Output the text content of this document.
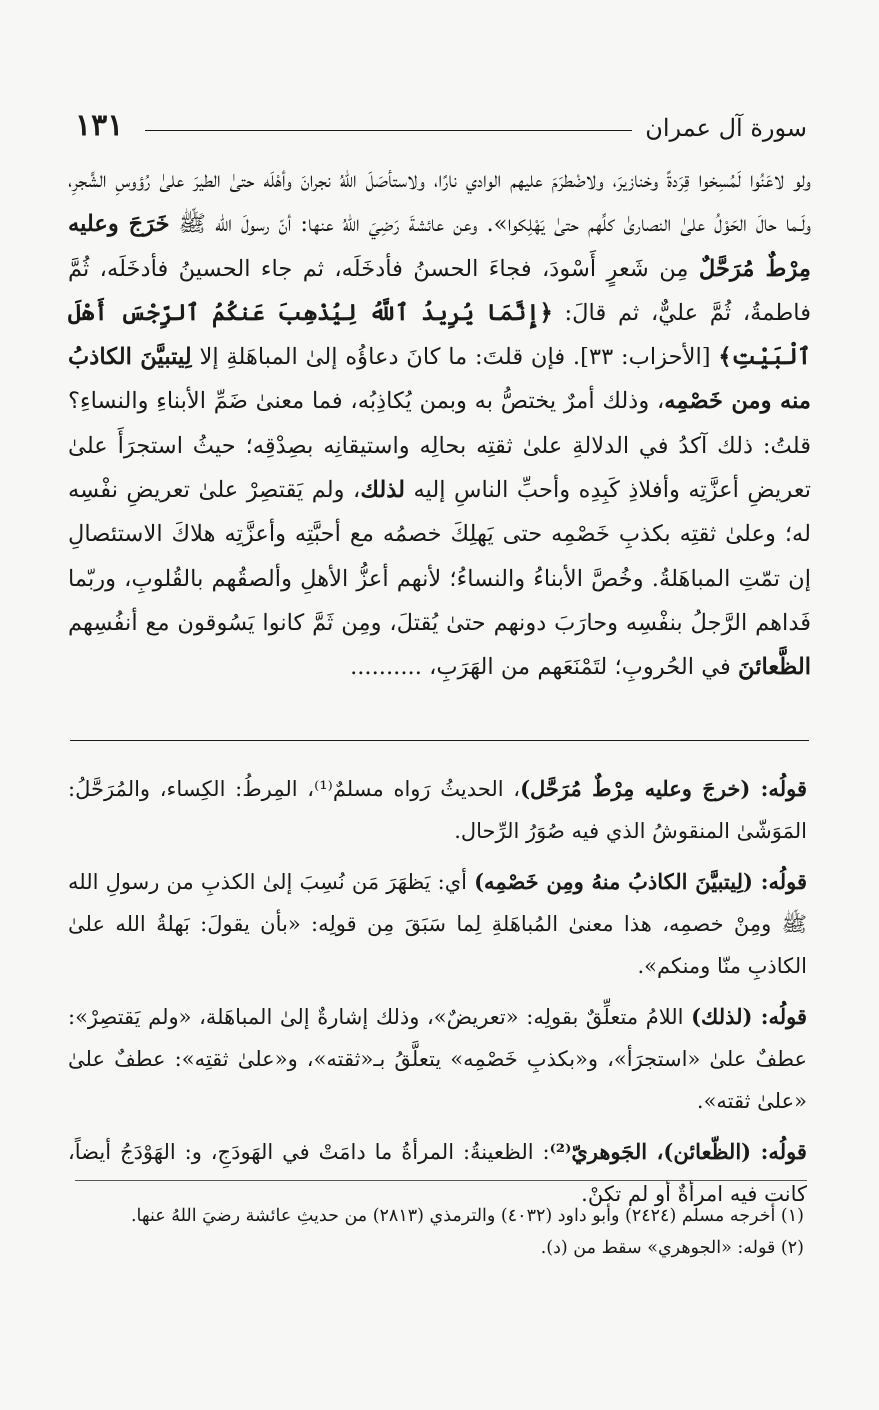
سورة آل عمران
١٣١

ولو لاعَنُوا لَمُسِخوا قِرَدةً وخنازيرَ، ولاضْطرَمَ عليهم الوادي نارًا، ولاستأصَلَ اللهُ نجرانَ وأهْلَه حتىٰ الطيرَ علىٰ رُؤوسِ الشَّجرِ، ولَـما حالَ الحَوْلُ علىٰ النصارىٰ كلِّهم حتىٰ يَهْلِكوا». وعن عائشةَ رَضِيَ اللهُ عنها: أنّ رسولَ الله ﷺ خَرَجَ وعليه مِرْطٌ مُرَحَّلٌ مِن شَعرٍ أَسْودَ، فجاءَ الحسنُ فأدخَلَه، ثم جاء الحسينُ فأدخَلَه، ثُمَّ فاطمةُ، ثُمَّ عليٌّ، ثم قالَ: ﴿إِنَّمَا يُرِيدُ ٱللَّهُ لِيُذْهِبَ عَنكُمُ ٱلرِّجْسَ أَهْلَ ٱلْبَيْتِ﴾ [الأحزاب: ٣٣]. فإن قلتَ: ما كانَ دعاؤُه إلىٰ المباهَلةِ إلا لِيتبيَّنَ الكاذبُ منه ومن خَصْمِه، وذلك أمرٌ يختصُّ به وبمن يُكاذِبُه، فما معنىٰ ضَمِّ الأبناءِ والنساءِ؟ قلتُ: ذلك آكدُ في الدلالةِ علىٰ ثقتِه بحالِه واستيقانِه بصِدْقِه؛ حيثُ استجرَأَ علىٰ تعريضِ أعزَّتِه وأفلاذِ كَبِدِه وأحبِّ الناسِ إليه لذلك، ولم يَقتصِرْ علىٰ تعريضِ نفْسِه له؛ وعلىٰ ثقتِه بكذبِ خَصْمِه حتى يَهلِكَ خصمُه مع أحبَّتِه وأعزَّتِه هلاكَ الاستئصالِ إن تمّتِ المباهَلةُ. وخُصَّ الأبناءُ والنساءُ؛ لأنهم أعزُّ الأهلِ وألصقُهم بالقُلوبِ، وربّما فَداهم الرَّجلُ بنفْسِه وحارَبَ دونهم حتىٰ يُقتلَ، ومِن ثَمَّ كانوا يَسُوقون مع أنفُسِهم الظَّعائنَ في الحُروبِ؛ لتَمْنَعَهم من الهَرَبِ، ..........

قولُه: (خرجَ وعليه مِرْطٌ مُرَحَّل)، الحديثُ رَواه مسلمٌ⁽¹⁾، المِرطُ: الكِساء، والمُرَحَّلُ: المَوَشّىٰ المنقوشُ الذي فيه صُوَرُ الرِّحال.

قولُه: (لِيتبيَّنَ الكاذبُ منهُ ومِن خَصْمِه) أي: يَظهَرَ مَن نُسِبَ إلىٰ الكذبِ من رسولِ الله ﷺ ومِنْ خصمِه، هذا معنىٰ المُباهَلةِ لِما سَبَقَ مِن قولِه: «بأن يقولَ: بَهلةُ الله علىٰ الكاذبِ منّا ومنكم».

قولُه: (لذلك) اللامُ متعلِّقٌ بقولِه: «تعريضٌ»، وذلك إشارةٌ إلىٰ المباهَلة، «ولم يَقتصِرْ»: عطفٌ علىٰ «استجرَأ»، و«بكذبِ خَصْمِه» يتعلَّقُ بـ«ثقته»، و«علىٰ ثقتِه»: عطفٌ علىٰ «علىٰ ثقته».

قولُه: (الظّعائن)، الجَوهريّ⁽²⁾: الظعينةُ: المرأةُ ما دامَتْ في الهَودَجِ، و: الهَوْدَجُ أيضاً، كانت فيه امرأةٌ أو لم تكنْ.

(١) أخرجه مسلم (٢٤٢٤) وأبو داود (٤٠٣٢) والترمذي (٢٨١٣) من حديثِ عائشة رضيَ اللهُ عنها.

(٢) قوله: «الجوهري» سقط من (د).
